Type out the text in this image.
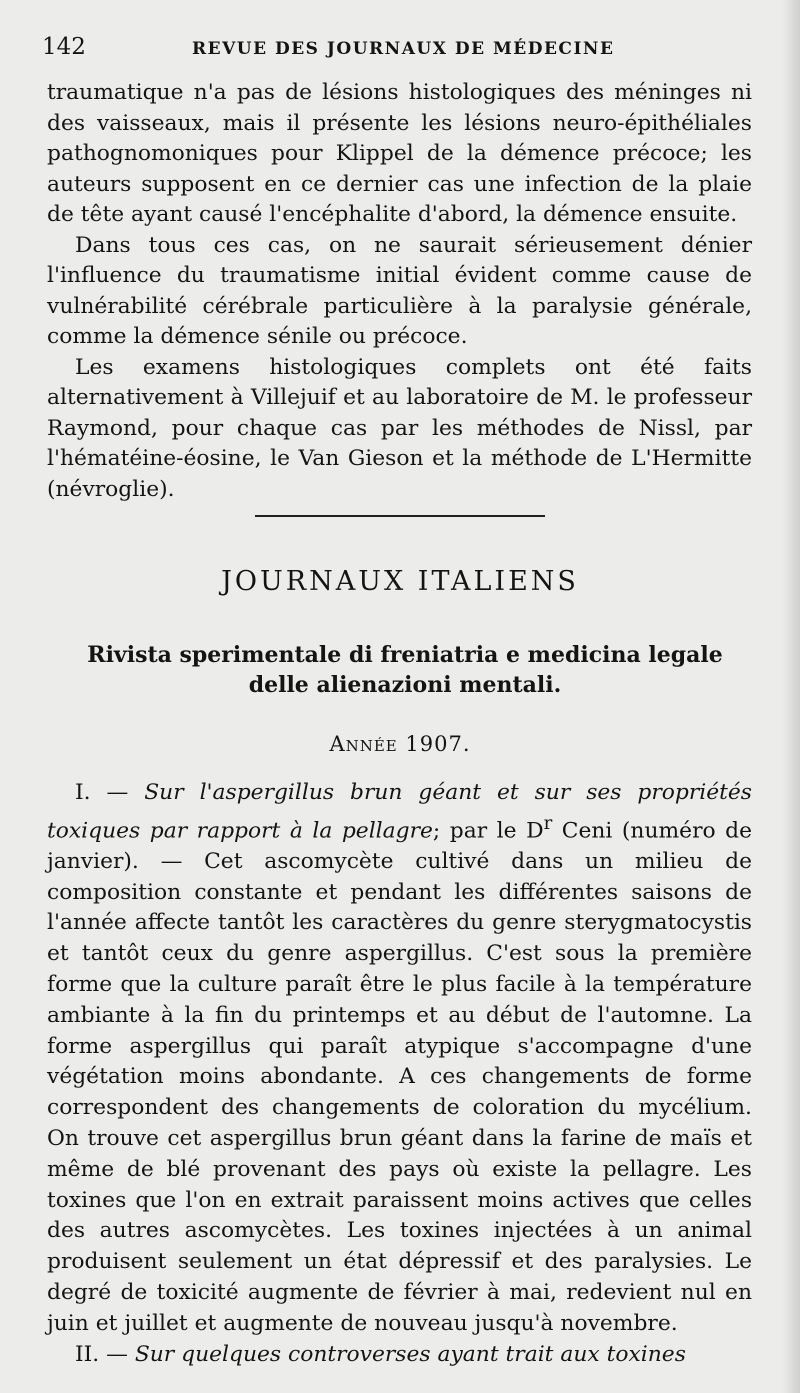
142	REVUE DES JOURNAUX DE MÉDECINE

traumatique n'a pas de lésions histologiques des méninges ni des vaisseaux, mais il présente les lésions neuro-épithéliales pathognomoniques pour Klippel de la démence précoce; les auteurs supposent en ce dernier cas une infection de la plaie de tête ayant causé l'encéphalite d'abord, la démence ensuite.

Dans tous ces cas, on ne saurait sérieusement dénier l'influence du traumatisme initial évident comme cause de vulnérabilité cérébrale particulière à la paralysie générale, comme la démence sénile ou précoce.

Les examens histologiques complets ont été faits alternativement à Villejuif et au laboratoire de M. le professeur Raymond, pour chaque cas par les méthodes de Nissl, par l'hématéine-éosine, le Van Gieson et la méthode de L'Hermitte (névroglie).

JOURNAUX ITALIENS
Rivista sperimentale di freniatria e medicina legale delle alienazioni mentali.
Année 1907.

I. — Sur l'aspergillus brun géant et sur ses propriétés toxiques par rapport à la pellagre; par le $D^r$ Ceni (numéro de janvier). — Cet ascomycète cultivé dans un milieu de composition constante et pendant les différentes saisons de l'année affecte tantôt les caractères du genre sterygmatocystis et tantôt ceux du genre aspergillus. C'est sous la première forme que la culture paraît être le plus facile à la température ambiante à la fin du printemps et au début de l'automne. La forme aspergillus qui paraît atypique s'accompagne d'une végétation moins abondante. A ces changements de forme correspondent des changements de coloration du mycélium. On trouve cet aspergillus brun géant dans la farine de maïs et même de blé provenant des pays où existe la pellagre. Les toxines que l'on en extrait paraissent moins actives que celles des autres ascomycètes. Les toxines injectées à un animal produisent seulement un état dépressif et des paralysies. Le degré de toxicité augmente de février à mai, redevient nul en juin et juillet et augmente de nouveau jusqu'à novembre.

II. — Sur quelques controverses ayant trait aux toxines
